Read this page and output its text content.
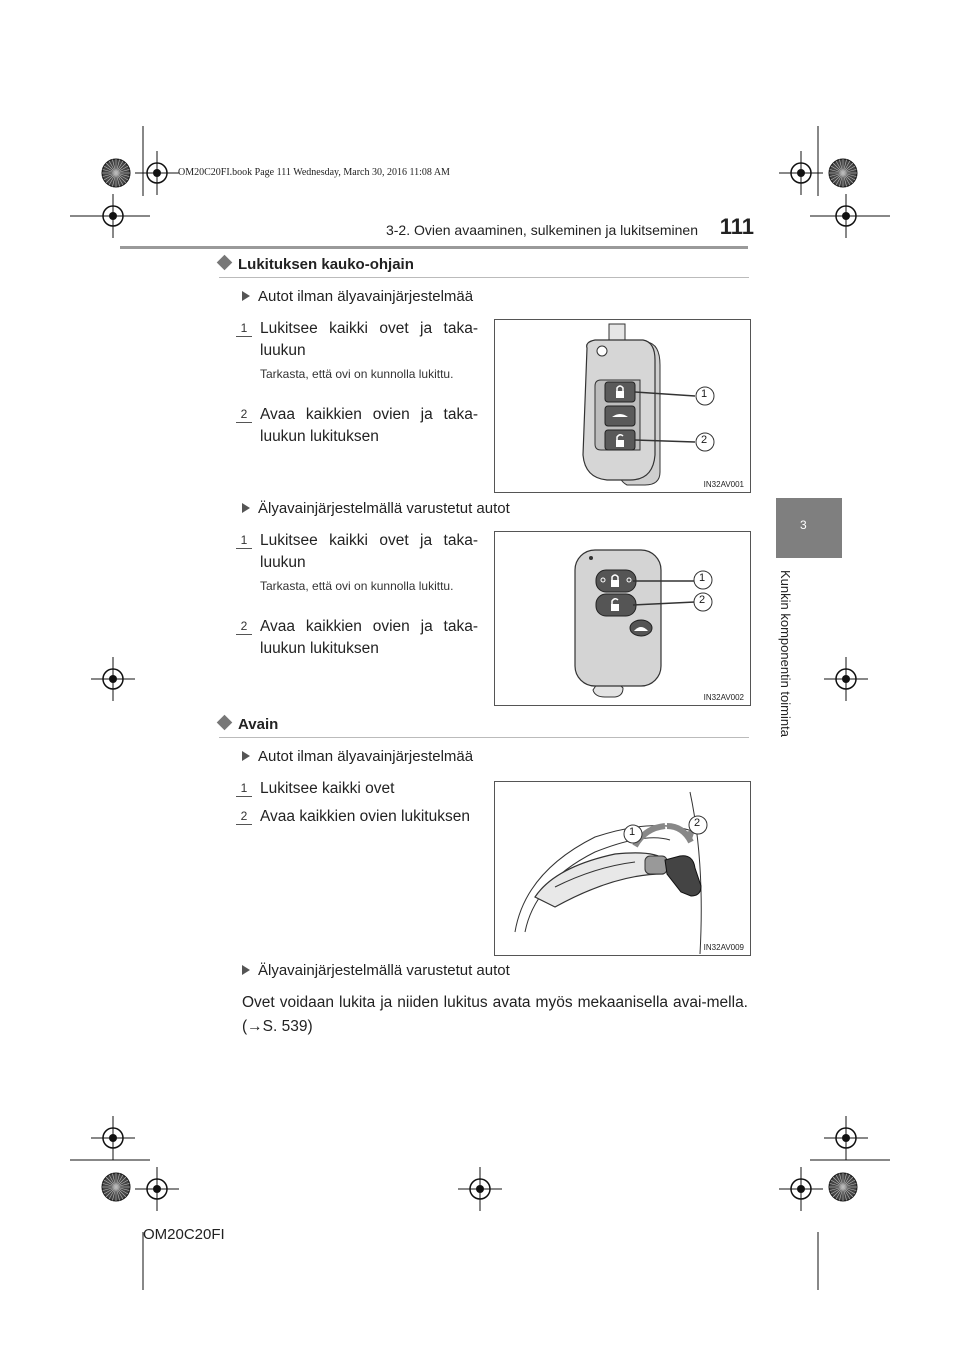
OM20C20FI.book Page 111 Wednesday, March 30, 2016 11:08 AM
3-2. Ovien avaaminen, sulkeminen ja lukitseminen 111
3
Kunkin komponentin toiminta
Lukituksen kauko-ohjain
Autot ilman älyavainjärjestelmää
1 Lukitsee kaikki ovet ja taka-luukun
Tarkasta, että ovi on kunnolla lukittu.
2 Avaa kaikkien ovien ja taka-luukun lukituksen
1
2
IN32AV001
Älyavainjärjestelmällä varustetut autot
1 Lukitsee kaikki ovet ja taka-luukun
Tarkasta, että ovi on kunnolla lukittu.
2 Avaa kaikkien ovien ja taka-luukun lukituksen
1
2
IN32AV002
Avain
Autot ilman älyavainjärjestelmää
1 Lukitsee kaikki ovet
2 Avaa kaikkien ovien lukituksen
1
2
IN32AV009
Älyavainjärjestelmällä varustetut autot
Ovet voidaan lukita ja niiden lukitus avata myös mekaanisella avai-mella. (→S. 539)
OM20C20FI
